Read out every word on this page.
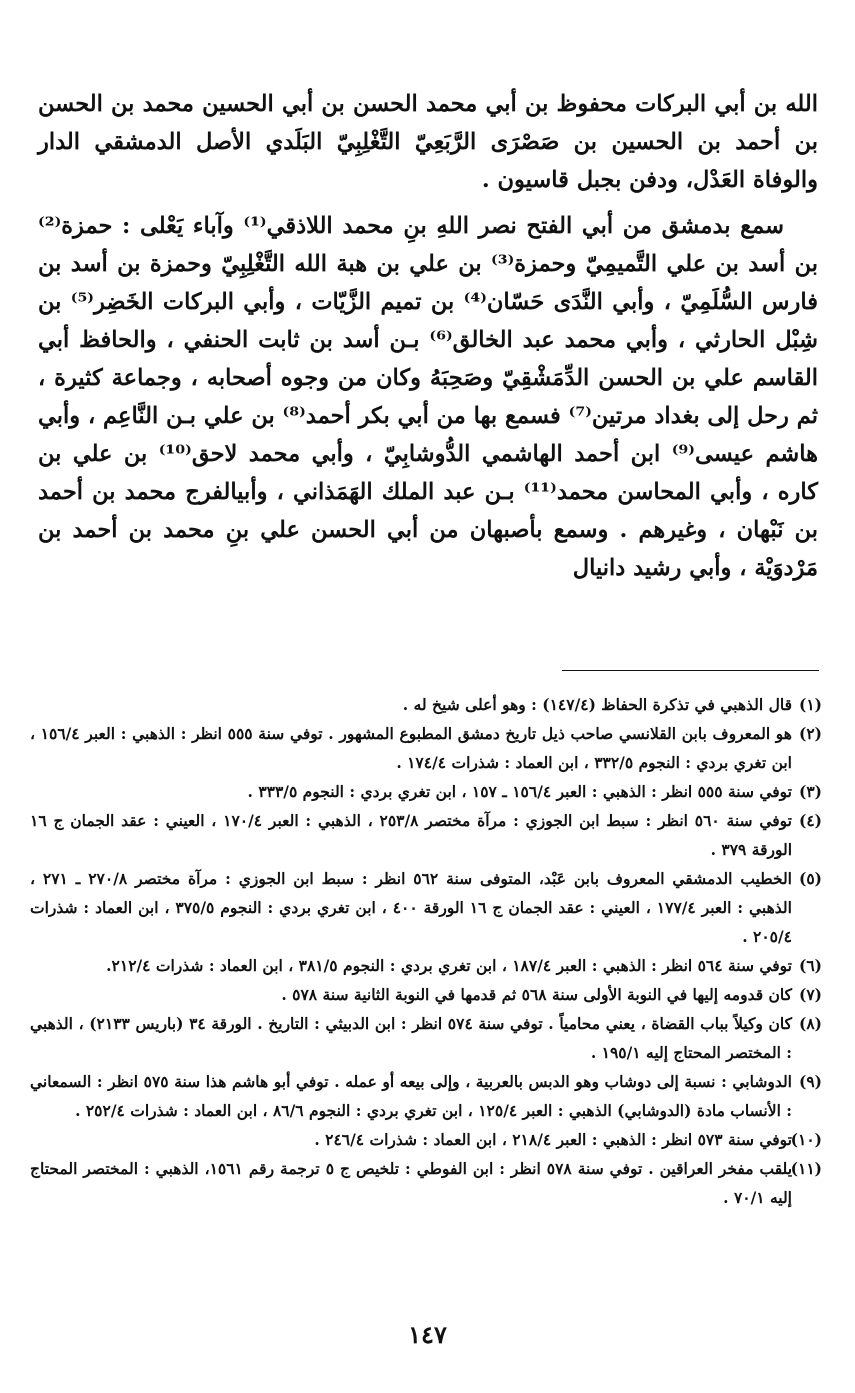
الله بن أبي البركات محفوظ بن أبي محمد الحسن بن أبي الحسين محمد بن الحسن بن أحمد بن الحسين بن صَصْرَى الرَّبَعِيّ التَّغْلِبِيّ البَلَدي الأصل الدمشقي الدار والوفاة العَدْل، ودفن بجبل قاسيون .

سمع بدمشق من أبي الفتح نصر اللهِ بنِ محمد اللاذقي⁽¹⁾ وآباء يَعْلى : حمزة⁽²⁾ بن أسد بن علي التَّميمِيّ وحمزة⁽³⁾ بن علي بن هبة الله التَّغْلِبِيّ وحمزة بن أسد بن فارس السُّلَمِيّ ، وأبي النَّدَى حَسّان⁽⁴⁾ بن تميم الزَّيّات ، وأبي البركات الخَضِر⁽⁵⁾ بن شِبْل الحارثي ، وأبي محمد عبد الخالق⁽⁶⁾ بـن أسد بن ثابت الحنفي ، والحافظ أبي القاسم علي بن الحسن الدِّمَشْقِيّ وصَحِبَهُ وكان من وجوه أصحابه ، وجماعة كثيرة ، ثم رحل إلى بغداد مرتين⁽⁷⁾ فسمع بها من أبي بكر أحمد⁽⁸⁾ بن علي بـن النَّاعِم ، وأبي هاشم عيسى⁽⁹⁾ ابن أحمد الهاشمي الدُّوشابِيّ ، وأبي محمد لاحق⁽¹⁰⁾ بن علي بن كاره ، وأبي المحاسن محمد⁽¹¹⁾ بـن عبد الملك الهَمَذاني ، وأبيالفرج محمد بن أحمد بن نَبْهان ، وغيرهم . وسمع بأصبهان من أبي الحسن علي بنِ محمد بن أحمد بن مَرْدوَيْة ، وأبي رشيد دانيال

(١)
قال الذهبي في تذكرة الحفاظ (١٤٧/٤) : وهو أعلى شيخ له .
(٢)
هو المعروف بابن القلانسي صاحب ذيل تاريخ دمشق المطبوع المشهور . توفي سنة ٥٥٥ انظر : الذهبي : العبر ١٥٦/٤ ، ابن تغري بردي : النجوم ٣٣٢/٥ ، ابن العماد : شذرات ١٧٤/٤ .
(٣)
توفي سنة ٥٥٥ انظر : الذهبي : العبر ١٥٦/٤ ـ ١٥٧ ، ابن تغري بردي : النجوم ٣٣٣/٥ .
(٤)
توفي سنة ٥٦٠ انظر : سبط ابن الجوزي : مرآة مختصر ٢٥٣/٨ ، الذهبي : العبر ١٧٠/٤ ، العيني : عقد الجمان ج ١٦ الورقة ٣٧٩ .
(٥)
الخطيب الدمشقي المعروف بابن عَبْد، المتوفى سنة ٥٦٢ انظر : سبط ابن الجوزي : مرآة مختصر ٢٧٠/٨ ـ ٢٧١ ، الذهبي : العبر ١٧٧/٤ ، العيني : عقد الجمان ج ١٦ الورقة ٤٠٠ ، ابن تغري بردي : النجوم ٣٧٥/٥ ، ابن العماد : شذرات ٢٠٥/٤ .
(٦)
توفي سنة ٥٦٤ انظر : الذهبي : العبر ١٨٧/٤ ، ابن تغري بردي : النجوم ٣٨١/٥ ، ابن العماد : شذرات ٢١٢/٤.
(٧)
كان قدومه إليها في النوبة الأولى سنة ٥٦٨ ثم قدمها في النوبة الثانية سنة ٥٧٨ .
(٨)
كان وكيلاً بباب القضاة ، يعني محامياً . توفي سنة ٥٧٤ انظر : ابن الدبيثي : التاريخ . الورقة ٣٤ (باريس ٢١٣٣) ، الذهبي : المختصر المحتاج إليه ١٩٥/١ .
(٩)
الدوشابي : نسبة إلى دوشاب وهو الدبس بالعربية ، وإلى بيعه أو عمله . توفي أبو هاشم هذا سنة ٥٧٥ انظر : السمعاني : الأنساب مادة (الدوشابي) الذهبي : العبر ١٢٥/٤ ، ابن تغري بردي : النجوم ٨٦/٦ ، ابن العماد : شذرات ٢٥٢/٤ .
(١٠)
توفي سنة ٥٧٣ انظر : الذهبي : العبر ٢١٨/٤ ، ابن العماد : شذرات ٢٤٦/٤ .
(١١)
يلقب مفخر العراقين . توفي سنة ٥٧٨ انظر : ابن الفوطي : تلخيص ج ٥ ترجمة رقم ١٥٦١، الذهبي : المختصر المحتاج إليه ٧٠/١ .
١٤٧
